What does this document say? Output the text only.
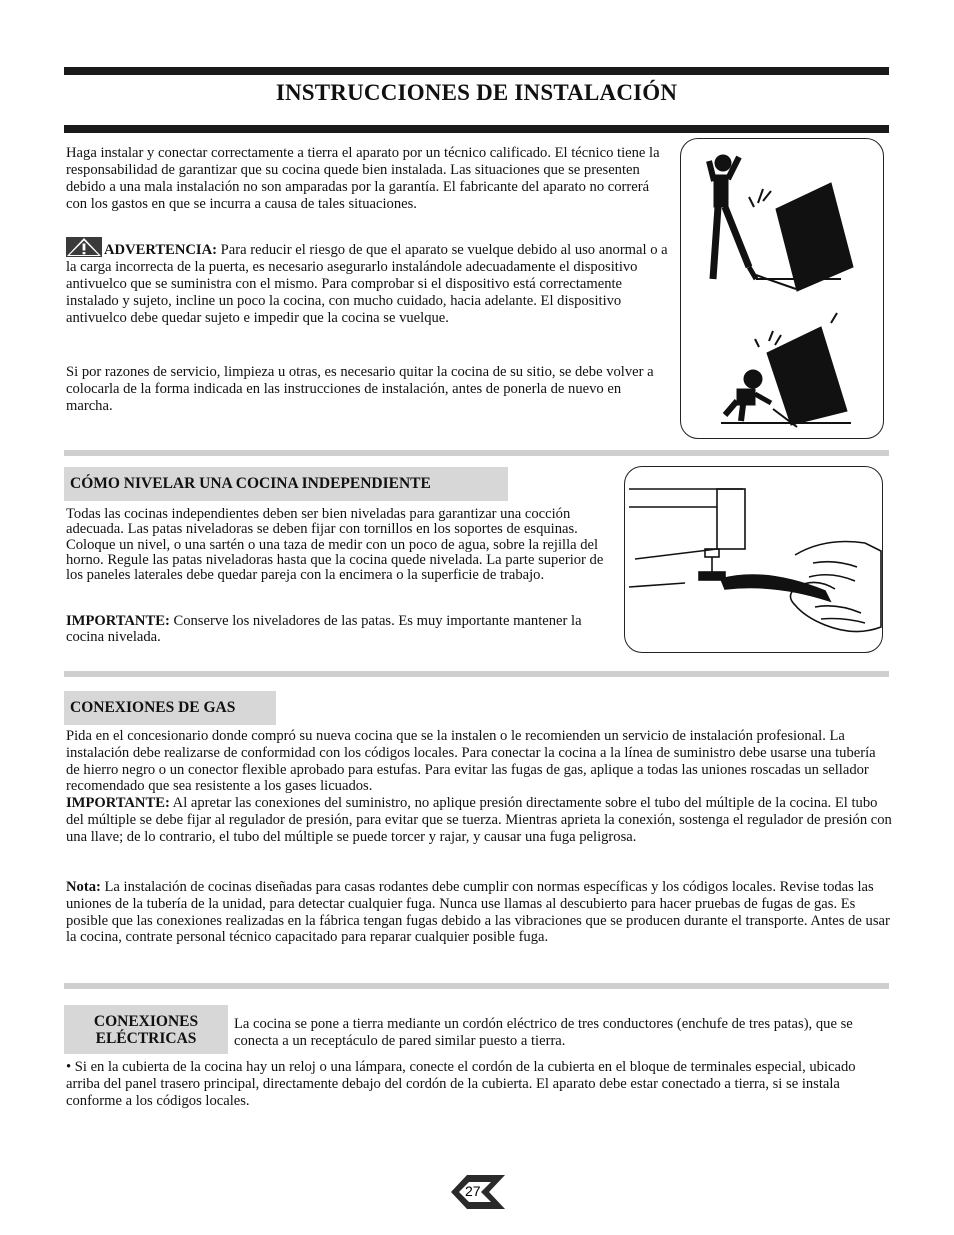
INSTRUCCIONES DE INSTALACIÓN

Haga instalar y conectar correctamente a tierra el aparato por un técnico calificado. El técnico tiene la responsabilidad de garantizar que su cocina quede bien instalada. Las situaciones que se presenten debido a una mala instalación no son amparadas por la garantía. El fabricante del aparato no correrá con los gastos en que se incurra a causa de tales situaciones.

ADVERTENCIA: Para reducir el riesgo de que el aparato se vuelque debido al uso anormal o a la carga incorrecta de la puerta, es necesario asegurarlo instalándole adecuadamente el dispositivo antivuelco que se suministra con el mismo. Para comprobar si el dispositivo está correctamente instalado y sujeto, incline un poco la cocina, con mucho cuidado, hacia adelante. El dispositivo antivuelco debe quedar sujeto e impedir que la cocina se vuelque.

Si por razones de servicio, limpieza u otras, es necesario quitar la cocina de su sitio, se debe volver a colocarla de la forma indicada en las instrucciones de instalación, antes de ponerla de nuevo en marcha.

CÓMO NIVELAR UNA COCINA INDEPENDIENTE

Todas las cocinas independientes deben ser bien niveladas para garantizar una cocción adecuada. Las patas niveladoras se deben fijar con tornillos en los soportes de esquinas. Coloque un nivel, o una sartén o una taza de medir con un poco de agua, sobre la rejilla del horno. Regule las patas niveladoras hasta que la cocina quede nivelada. La parte superior de los paneles laterales debe quedar pareja con la encimera o la superficie de trabajo.

IMPORTANTE: Conserve los niveladores de las patas. Es muy importante mantener la cocina nivelada.

CONEXIONES DE GAS

Pida en el concesionario donde compró su nueva cocina que se la instalen o le recomienden un servicio de instalación profesional. La instalación debe realizarse de conformidad con los códigos locales. Para conectar la cocina a la línea de suministro debe usarse una tubería de hierro negro o un conector flexible aprobado para estufas. Para evitar las fugas de gas, aplique a todas las uniones roscadas un sellador recomendado que sea resistente a los gases licuados.
IMPORTANTE: Al apretar las conexiones del suministro, no aplique presión directamente sobre el tubo del múltiple de la cocina. El tubo del múltiple se debe fijar al regulador de presión, para evitar que se tuerza. Mientras aprieta la conexión, sostenga el regulador de presión con una llave; de lo contrario, el tubo del múltiple se puede torcer y rajar, y causar una fuga peligrosa.

Nota: La instalación de cocinas diseñadas para casas rodantes debe cumplir con normas específicas y los códigos locales. Revise todas las uniones de la tubería de la unidad, para detectar cualquier fuga. Nunca use llamas al descubierto para hacer pruebas de fugas de gas. Es posible que las conexiones realizadas en la fábrica tengan fugas debido a las vibraciones que se producen durante el transporte. Antes de usar la cocina, contrate personal técnico capacitado para reparar cualquier posible fuga.

CONEXIONES
ELÉCTRICAS

La cocina se pone a tierra mediante un cordón eléctrico de tres conductores (enchufe de tres patas), que se conecta a un receptáculo de pared similar puesto a tierra.

• Si en la cubierta de la cocina hay un reloj o una lámpara, conecte el cordón de la cubierta en el bloque de terminales especial, ubicado arriba del panel trasero principal, directamente debajo del cordón de la cubierta. El aparato debe estar conectado a tierra, si se instala conforme a los códigos locales.

27
